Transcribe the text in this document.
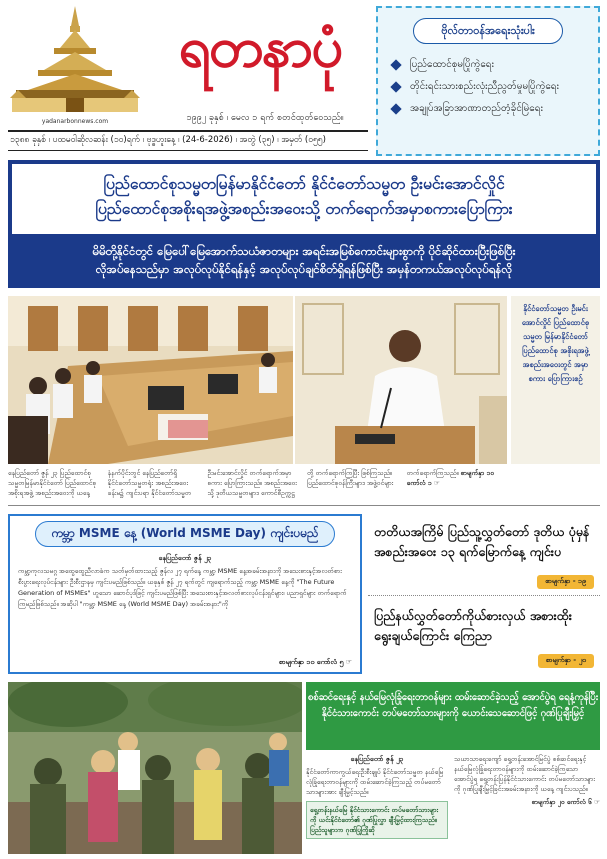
yadanarbonnews.com
ရတနာပုံ
၁၉၉၂ ခုနှစ် ၊ မေလ ၁ ရက် စတင်ထုတ်ဝေသည်။
၁၃၈၈ ခုနှစ် ၊ ပထမဝါဆိုလဆန်း (၁၀)ရက် ၊ ဗုဒ္ဓဟူးနေ့ ၊ (24-6-2026) ၊ အတွဲ (၃၅) ၊ အမှတ် (၀၅၅)
ဗိုလ်တာဝန်အရေးသုံးပါး
ပြည်ထောင်စုမပြိုကွဲရေး
တိုင်းရင်းသားစည်းလုံးညီညွတ်မှုမပြိုကွဲရေး
အချုပ်အခြာအာဏာတည်တံ့ခိုင်မြဲရေး
ပြည်ထောင်စုသမ္မတမြန်မာနိုင်ငံတော် နိုင်ငံတော်သမ္မတ ဦးမင်းအောင်လှိုင်
ပြည်ထောင်စုအစိုးရအဖွဲ့အစည်းအဝေးသို့ တက်ရောက်အမှာစကားပြောကြား
မိမိတို့နိုင်ငံတွင် မြေပေါ်မြေအောက်သယံဇာတများ အရင်းအမြစ်ကောင်းများစွာကို ပိုင်ဆိုင်ထားပြီးဖြစ်ပြီး
လိုအပ်နေသည်မှာ အလုပ်လုပ်နိုင်ရန်နှင့် အလုပ်လုပ်ချင်စိတ်ရှိရန်ဖြစ်ပြီး အမှန်တကယ်အလုပ်လုပ်ရန်လို
နိုင်ငံတော်သမ္မတ ဦးမင်းအောင်လှိုင် ပြည်ထောင်စုသမ္မတ မြန်မာနိုင်ငံတော် ပြည်ထောင်စု အစိုးရအဖွဲ့ အစည်းအဝေးတွင် အမှာစကား ပြောကြားစဉ်
နေပြည်တော် ဇွန် ၂၃ ပြည်ထောင်စုသမ္မတမြန်မာနိုင်ငံတော် ပြည်ထောင်စုအစိုးရအဖွဲ့ အစည်းအဝေးကို ယနေ့နံနက်ပိုင်းတွင် နေပြည်တော်ရှိ နိုင်ငံတော်သမ္မတရုံး အစည်းအဝေးခန်းမ၌ ကျင်းပရာ နိုင်ငံတော်သမ္မတ ဦးမင်းအောင်လှိုင် တက်ရောက်အမှာစကား ပြောကြားသည်။ အစည်းအဝေးသို့ ဒုတိယသမ္မတများ၊ ကောင်စီဥက္ကဋ္ဌတို့ တက်ရောက်ကြပြီး ဖြစ်ကြသည်။ ပြည်ထောင်စုဝန်ကြီးများ၊ အဖွဲ့ဝင်များ တက်ရောက်ကြသည်။ စာမျက်နှာ ၁၀ ကော်လံ ၁ ☞
ကမ္ဘာ့ MSME နေ့ (World MSME Day) ကျင်းပမည်
နေပြည်တော် ဇွန် ၂၃
ကမ္ဘာ့ကုလသမဂ္ဂ အထွေထွေညီလာခံက သတ်မှတ်ထားသည့် ဇွန်လ ၂၇ ရက်နေ့ ကမ္ဘာ့ MSME နေ့အခမ်းအနားကို အသေးစားနှင့်အလတ်စား စီးပွားရေးလုပ်ငန်းများ ဦးစီးဌာနမှ ကျင်းပမည်ဖြစ်သည်။ ယခုနှစ် ဇွန် ၂၇ ရက်တွင် ကျရောက်သည့် ကမ္ဘာ့ MSME နေ့ကို "The Future Generation of MSMEs" ဟူသော ဆောင်ပုဒ်ဖြင့် ကျင်းပမည်ဖြစ်ပြီး အသေးစားနှင့်အလတ်စားလုပ်ငန်းရှင်များ၊ ပညာရှင်များ တက်ရောက်ကြမည်ဖြစ်သည်။ အဆိုပါ "ကမ္ဘာ့ MSME နေ့ (World MSME Day) အခမ်းအနား"ကို
စာမျက်နှာ ၁၀ ကော်လံ ၅ ☞
တတိယအကြိမ် ပြည်သူ့လွှတ်တော် ဒုတိယ ပုံမှန်အစည်းအဝေး ၁၃ ရက်မြောက်နေ့ ကျင်းပ
စာမျက်နှာ - ၁၉
ပြည်နယ်လွှတ်တော်ကိုယ်စားလှယ် အစားထိုး ရွေးချယ်ကြောင်း ကြေညာ
စာမျက်နှာ - ၂၀
စစ်ဆင်ရေးနှင့် နယ်မြေလုံခြုံရေးတာဝန်များ ထမ်းဆောင်ခဲ့သည့် အောင်ပွဲရ ရေနံ့ကုန်ပြီး နိုင်ငံသားကောင်း တပ်မတော်သားများကို ယောင်းသေဆောင်ဖြင့် ဂုဏ်ပြုချီးမြှင့်
နေပြည်တော် ဇွန် ၂၃
နိုင်ငံတော်ကာကွယ်ရေးဦးစီးချုပ် နိုင်ငံတော်သမ္မတ နယ်မြေလုံခြုံရေးတာဝန်များကို ထမ်းဆောင်ခဲ့ကြသည့် တပ်မတော်သားများအား ချီးမြှင့်သည်။
ရှေ့တန်းနယ်မြေ နိုင်ငံသားကောင်း တပ်မတော်သားများကို ယင်းနိုင်ငံတော်၏ ဂုဏ်ပြုလွှာ ချီးမြှင့်ထားကြသည်။ ပြည်သူများက ဂုဏ်ပြုကြိုဆို
သယာသာရေးကျော် ရှေ့တန်းအောင်မြင်ပွဲ စစ်ဆင်ရေးနှင့် နယ်မြေလုံခြုံရေးတာဝန်များကို ထမ်းဆောင်ခဲ့ကြသော အောင်ပွဲရ ရှေ့တန်းပြန်နိုင်ငံသားကောင်း တပ်မတော်သားများကို ဂုဏ်ပြုချီးမြှင့်ခြင်းအခမ်းအနားကို ယနေ့ ကျင်းပသည်။
စာမျက်နှာ ၂၀ ကော်လံ ၆ ☞
